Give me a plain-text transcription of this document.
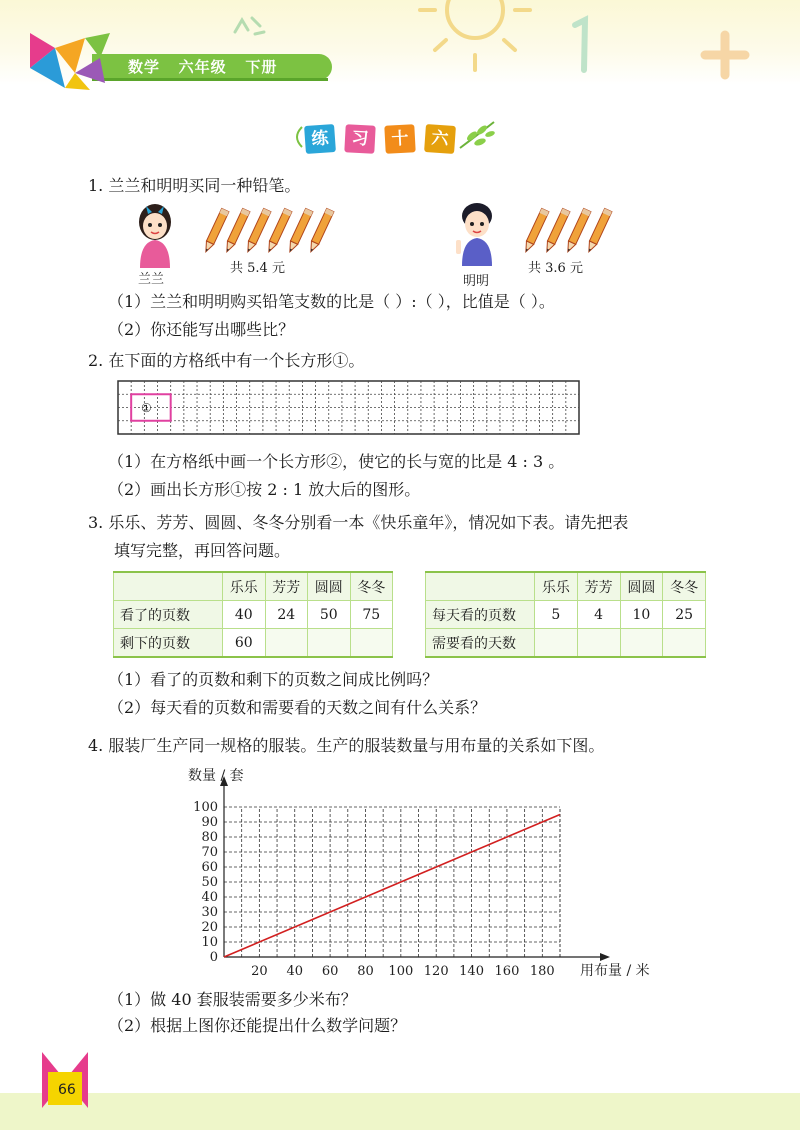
数学   六年级   下册
练	习	十	六
1. 兰兰和明明买同一种铅笔。
兰兰
共 5.4 元
明明
共 3.6 元
（1）兰兰和明明购买铅笔支数的比是（ ）:（ ），比值是（ ）。
（2）你还能写出哪些比？
2. 在下面的方格纸中有一个长方形①。
①
（1）在方格纸中画一个长方形②，使它的长与宽的比是 4 : 3 。
（2）画出长方形①按 2 : 1 放大后的图形。
3. 乐乐、芳芳、圆圆、冬冬分别看一本《快乐童年》，情况如下表。请先把表
填写完整，再回答问题。
	乐乐	芳芳	圆圆	冬冬
看了的页数	40	24	50	75
剩下的页数	60			
	乐乐	芳芳	圆圆	冬冬
每天看的页数	5	4	10	25
需要看的天数				
（1）看了的页数和剩下的页数之间成比例吗？
（2）每天看的页数和需要看的天数之间有什么关系？
4. 服装厂生产同一规格的服装。生产的服装数量与用布量的关系如下图。
20 40 60 80 100 120 140 160 180
0
10
20
30
40
50
60
70
80
90
100
数量 / 套
用布量 / 米
（1）做 40 套服装需要多少米布？
（2）根据上图你还能提出什么数学问题？
66
